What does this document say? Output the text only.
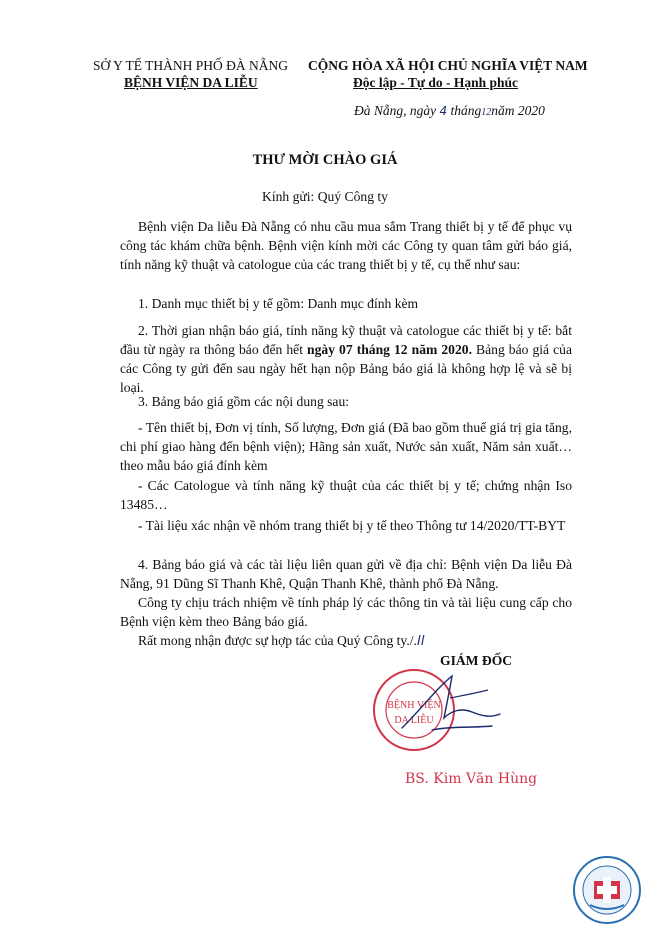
SỞ Y TẾ THÀNH PHỐ ĐÀ NẴNG
BỆNH VIỆN DA LIỄU
CỘNG HÒA XÃ HỘI CHỦ NGHĨA VIỆT NAM
Độc lập - Tự do - Hạnh phúc
Đà Nẵng, ngày 4 tháng12năm 2020
THƯ MỜI CHÀO GIÁ
Kính gửi: Quý Công ty
Bệnh viện Da liễu Đà Nẵng có nhu cầu mua sắm Trang thiết bị y tế để phục vụ công tác khám chữa bệnh. Bệnh viện kính mời các Công ty quan tâm gửi báo giá, tính năng kỹ thuật và catologue của các trang thiết bị y tế, cụ thể như sau:
1. Danh mục thiết bị y tế gồm: Danh mục đính kèm
2. Thời gian nhận báo giá, tính năng kỹ thuật và catologue các thiết bị y tế: bắt đầu từ ngày ra thông báo đến hết ngày 07 tháng 12 năm 2020. Bảng báo giá của các Công ty gửi đến sau ngày hết hạn nộp Bảng báo giá là không hợp lệ và sẽ bị loại.
3. Bảng báo giá gồm các nội dung sau:
- Tên thiết bị, Đơn vị tính, Số lượng, Đơn giá (Đã bao gồm thuế giá trị gia tăng, chi phí giao hàng đến bệnh viện); Hãng sản xuất, Nước sản xuất, Năm sản xuất… theo mẫu báo giá đính kèm
- Các Catologue và tính năng kỹ thuật của các thiết bị y tế; chứng nhận Iso 13485…
- Tài liệu xác nhận về nhóm trang thiết bị y tế theo Thông tư 14/2020/TT-BYT
4. Bảng báo giá và các tài liệu liên quan gửi về địa chỉ: Bệnh viện Da liễu Đà Nẵng, 91 Dũng Sĩ Thanh Khê, Quận Thanh Khê, thành phố Đà Nẵng.
Công ty chịu trách nhiệm về tính pháp lý các thông tin và tài liệu cung cấp cho Bệnh viện kèm theo Bảng báo giá.
Rất mong nhận được sự hợp tác của Quý Công ty./.ll
GIÁM ĐỐC
BỆNH VIỆN
DA LIỄU
BS. Kim Văn Hùng
